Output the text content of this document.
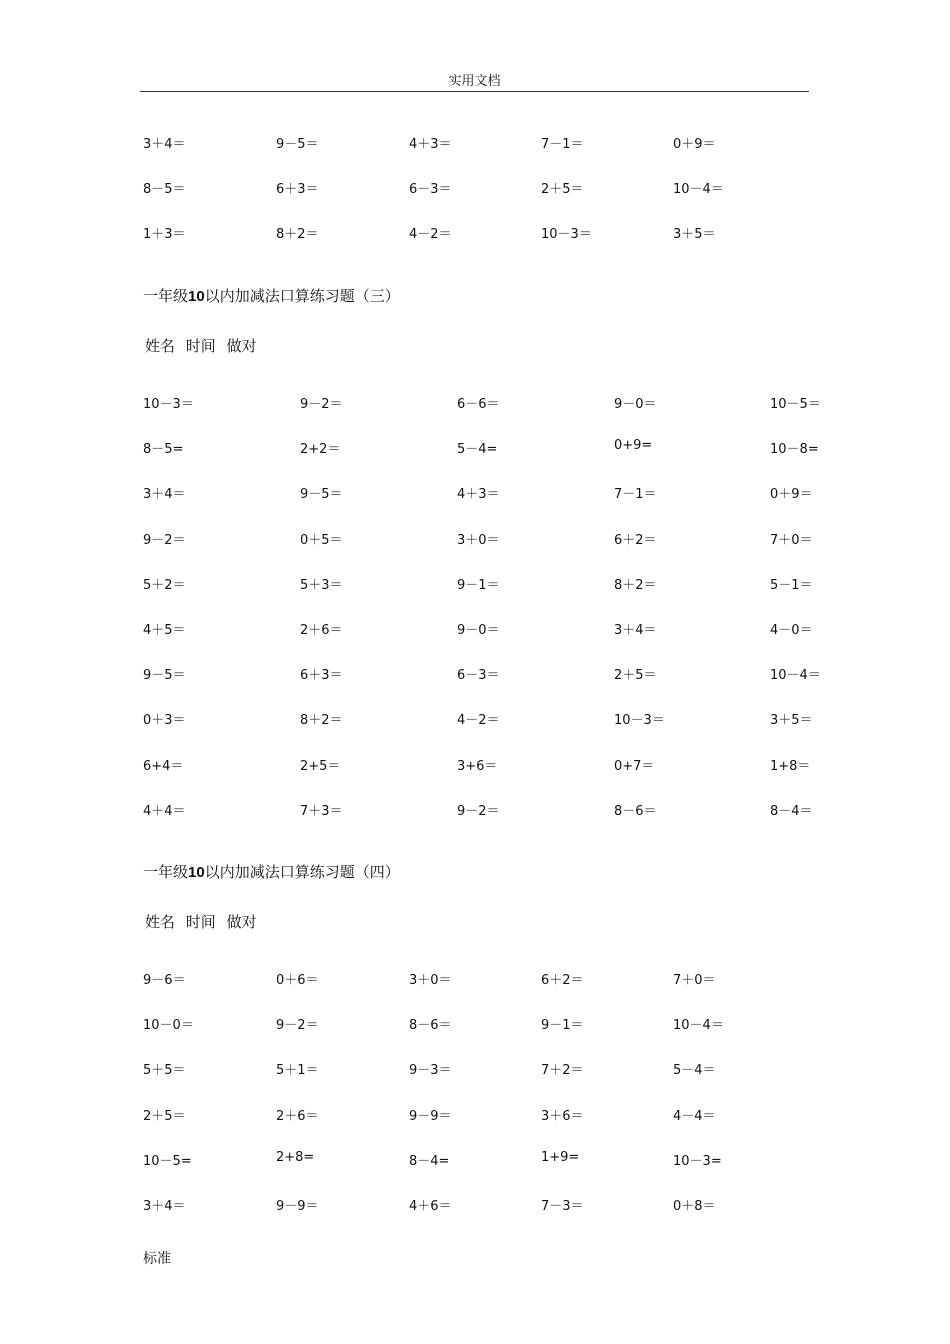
实用文档
3＋4＝	9－5＝	4＋3＝	7－1＝	0＋9＝
8－5＝	6＋3＝	6－3＝	2＋5＝	10－4＝
1＋3＝	8＋2＝	4－2＝	10－3＝	3＋5＝
一年级10以内加减法口算练习题（三）
姓名 时间 做对
10－3＝	9－2＝	6－6＝	9－0＝	10－5＝
8－5=	2+2＝	5－4=	0+9=	10－8=
3＋4＝	9－5＝	4＋3＝	7－1＝	0＋9＝
9－2＝	0＋5＝	3＋0＝	6＋2＝	7＋0＝
5＋2＝	5＋3＝	9－1＝	8＋2＝	5－1＝
4＋5＝	2＋6＝	9－0＝	3＋4＝	4－0＝
9－5＝	6＋3＝	6－3＝	2＋5＝	10－4＝
0＋3＝	8＋2＝	4－2＝	10－3＝	3＋5＝
6+4＝	2+5＝	3+6＝	0+7＝	1+8＝
4＋4＝	7＋3＝	9－2＝	8－6＝	8－4＝
一年级10以内加减法口算练习题（四）
姓名 时间 做对
9－6＝	0＋6＝	3＋0＝	6＋2＝	7＋0＝
10－0＝	9－2＝	8－6＝	9－1＝	10－4＝
5＋5＝	5＋1＝	9－3＝	7＋2＝	5－4＝
2＋5＝	2＋6＝	9－9＝	3＋6＝	4－4＝
10－5=	2+8=	8－4=	1+9=	10－3=
3＋4＝	9－9＝	4＋6＝	7－3＝	0＋8＝
标准
